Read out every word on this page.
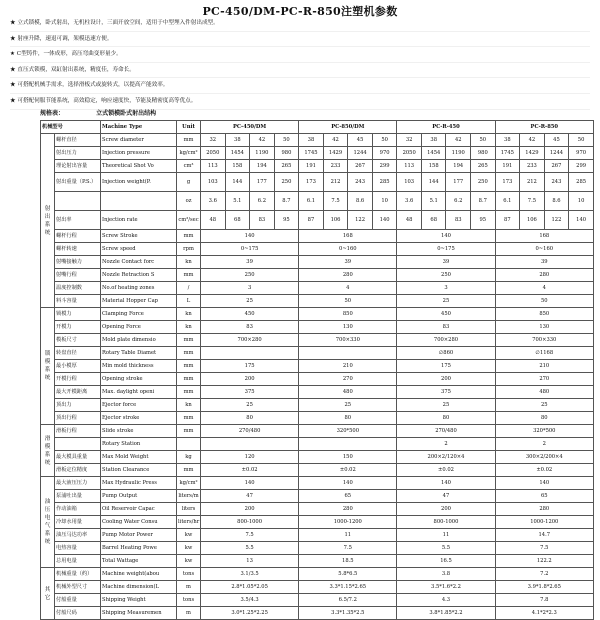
PC-450/DM-PC-R-850注塑机参数
★ 立式锁模，卧式射出，无机柱设计，三面开放空间，适用于中型埋入件射出成型。
★ 射座升降，速退可调，架模迅速方便。
★ C型铸件，一体成形，高压弯曲变形量少。
★ 直压式锁模，双缸射出系统，精度佳，寿命长。
★ 可搭配机械手需求，选择滑板式或旋转式，以提高产能效率。
★ 可搭配伺服节能系统，高效稳定，响应速度快，节能及精密度高等优点。
规格表：	立式锁模卧式射出结构
机械型号		Machine Type	Unit	PC-450/DM				PC-850/DM				PC-R-450				PC-R-850			
射出系统	螺杆直径	Screw diameter	mm	32	38	42	50	38	42	45	50	32	38	42	50	38	42	45	50
	射出压力	Injection pressure	kg/cm²	2050	1454	1190	980	1745	1429	1244	970	2050	1454	1190	980	1745	1429	1244	970
	理论射出容量	Theoretical Shot Vo	cm³	113	158	194	265	191	233	267	299	113	158	194	265	191	233	267	299
	射出重量（P.S.）	Injection weight(P.	g	103	144	177	250	173	212	243	285	103	144	177	250	173	212	243	285
			oz	3.6	5.1	6.2	8.7	6.1	7.5	8.6	10	3.6	5.1	6.2	8.7	6.1	7.5	8.6	10
	射出率	Injection rate	cm³/sec	48	68	83	95	87	106	122	140	48	68	83	95	87	106	122	140
	螺杆行程	Screw Stroke	mm	140				168				140				168			
	螺杆转速	Screw speed	rpm	0~175				0~160				0~175				0~160			
	射嘴接触力	Nozzle Contact forc	kn	39				39				39				39			
	射嘴行程	Nozzle Retraction S	mm	250				280				250				280			
	温度控制数	No.of heating zones	/	3				4				3				4			
	料斗容量	Material Hopper Cap	L	25				50				25				50			
锁模系统	锁模力	Clamping Force	kn	450				850				450				850			
	开模力	Opening Force	kn	83				130				83				130			
	模板尺寸	Mold plate dimensio	mm	700×280				700×330				700×280				700×330			
	转盘直径	Rotary Table Diamet	mm									∅860				∅1168			
	最小模厚	Min mold thickness	mm	175				210				175				210			
	开模行程	Opening stroke	mm	200				270				200				270			
	最大开模距离	Max. daylight openi	mm	375				480				375				480			
	顶出力	Ejector force	kn	25				25				25				25			
	顶出行程	Ejector stroke	mm	80				80				80				80			
滑模系统	滑板行程	Slide stroke	mm	270/480				320*500				270/480				320*500			
		Rotary Station										2				2			
	最大模具重量	Max Mold Weight	kg	120				150				200×2/120×4				300×2/200×4			
	滑板定位精度	Station Clearance	mm	±0.02				±0.02				±0.02				±0.02			
油压电气系统	最大液压压力	Max Hydraulic Press	kg/cm²	140				140				140				140			
	泵浦吐出量	Pump Output	liters/m	47				65				47				65			
	作动油箱	Oil Reservoir Capac	liters	200				280				200				280			
	冷却水用量	Cooling Water Consu	liters/hr	800-1000				1000-1200				800-1000				1000-1200			
	油压马达功率	Pump Motor Power	kw	7.5				11				11				14.7			
	电热容量	Barrel Heating Powe	kw	5.5				7.5				5.5				7.5			
	总用电量	Total Wattage	kw	13				18.5				16.5				122.2			
其它	机械重量（约）	Machine weight(abou	tons	3.1/3.5				5.8*6.5				3.8				7.2			
	机械外型尺寸	Machine dimension(L	m	2.8*1.05*2.05				3.3*1.15*2.65				3.5*1.6*2.2				3.9*1.8*2.65			
	付船重量	Shipping Weight	tons	3.5/4.3				6.5/7.2				4.3				7.8			
	付船尺码	Shipping Measuremen	m	3.0*1.25*2.25				3.3*1.35*2.5				3.8*1.85*2.2				4.1*2*2.3			
